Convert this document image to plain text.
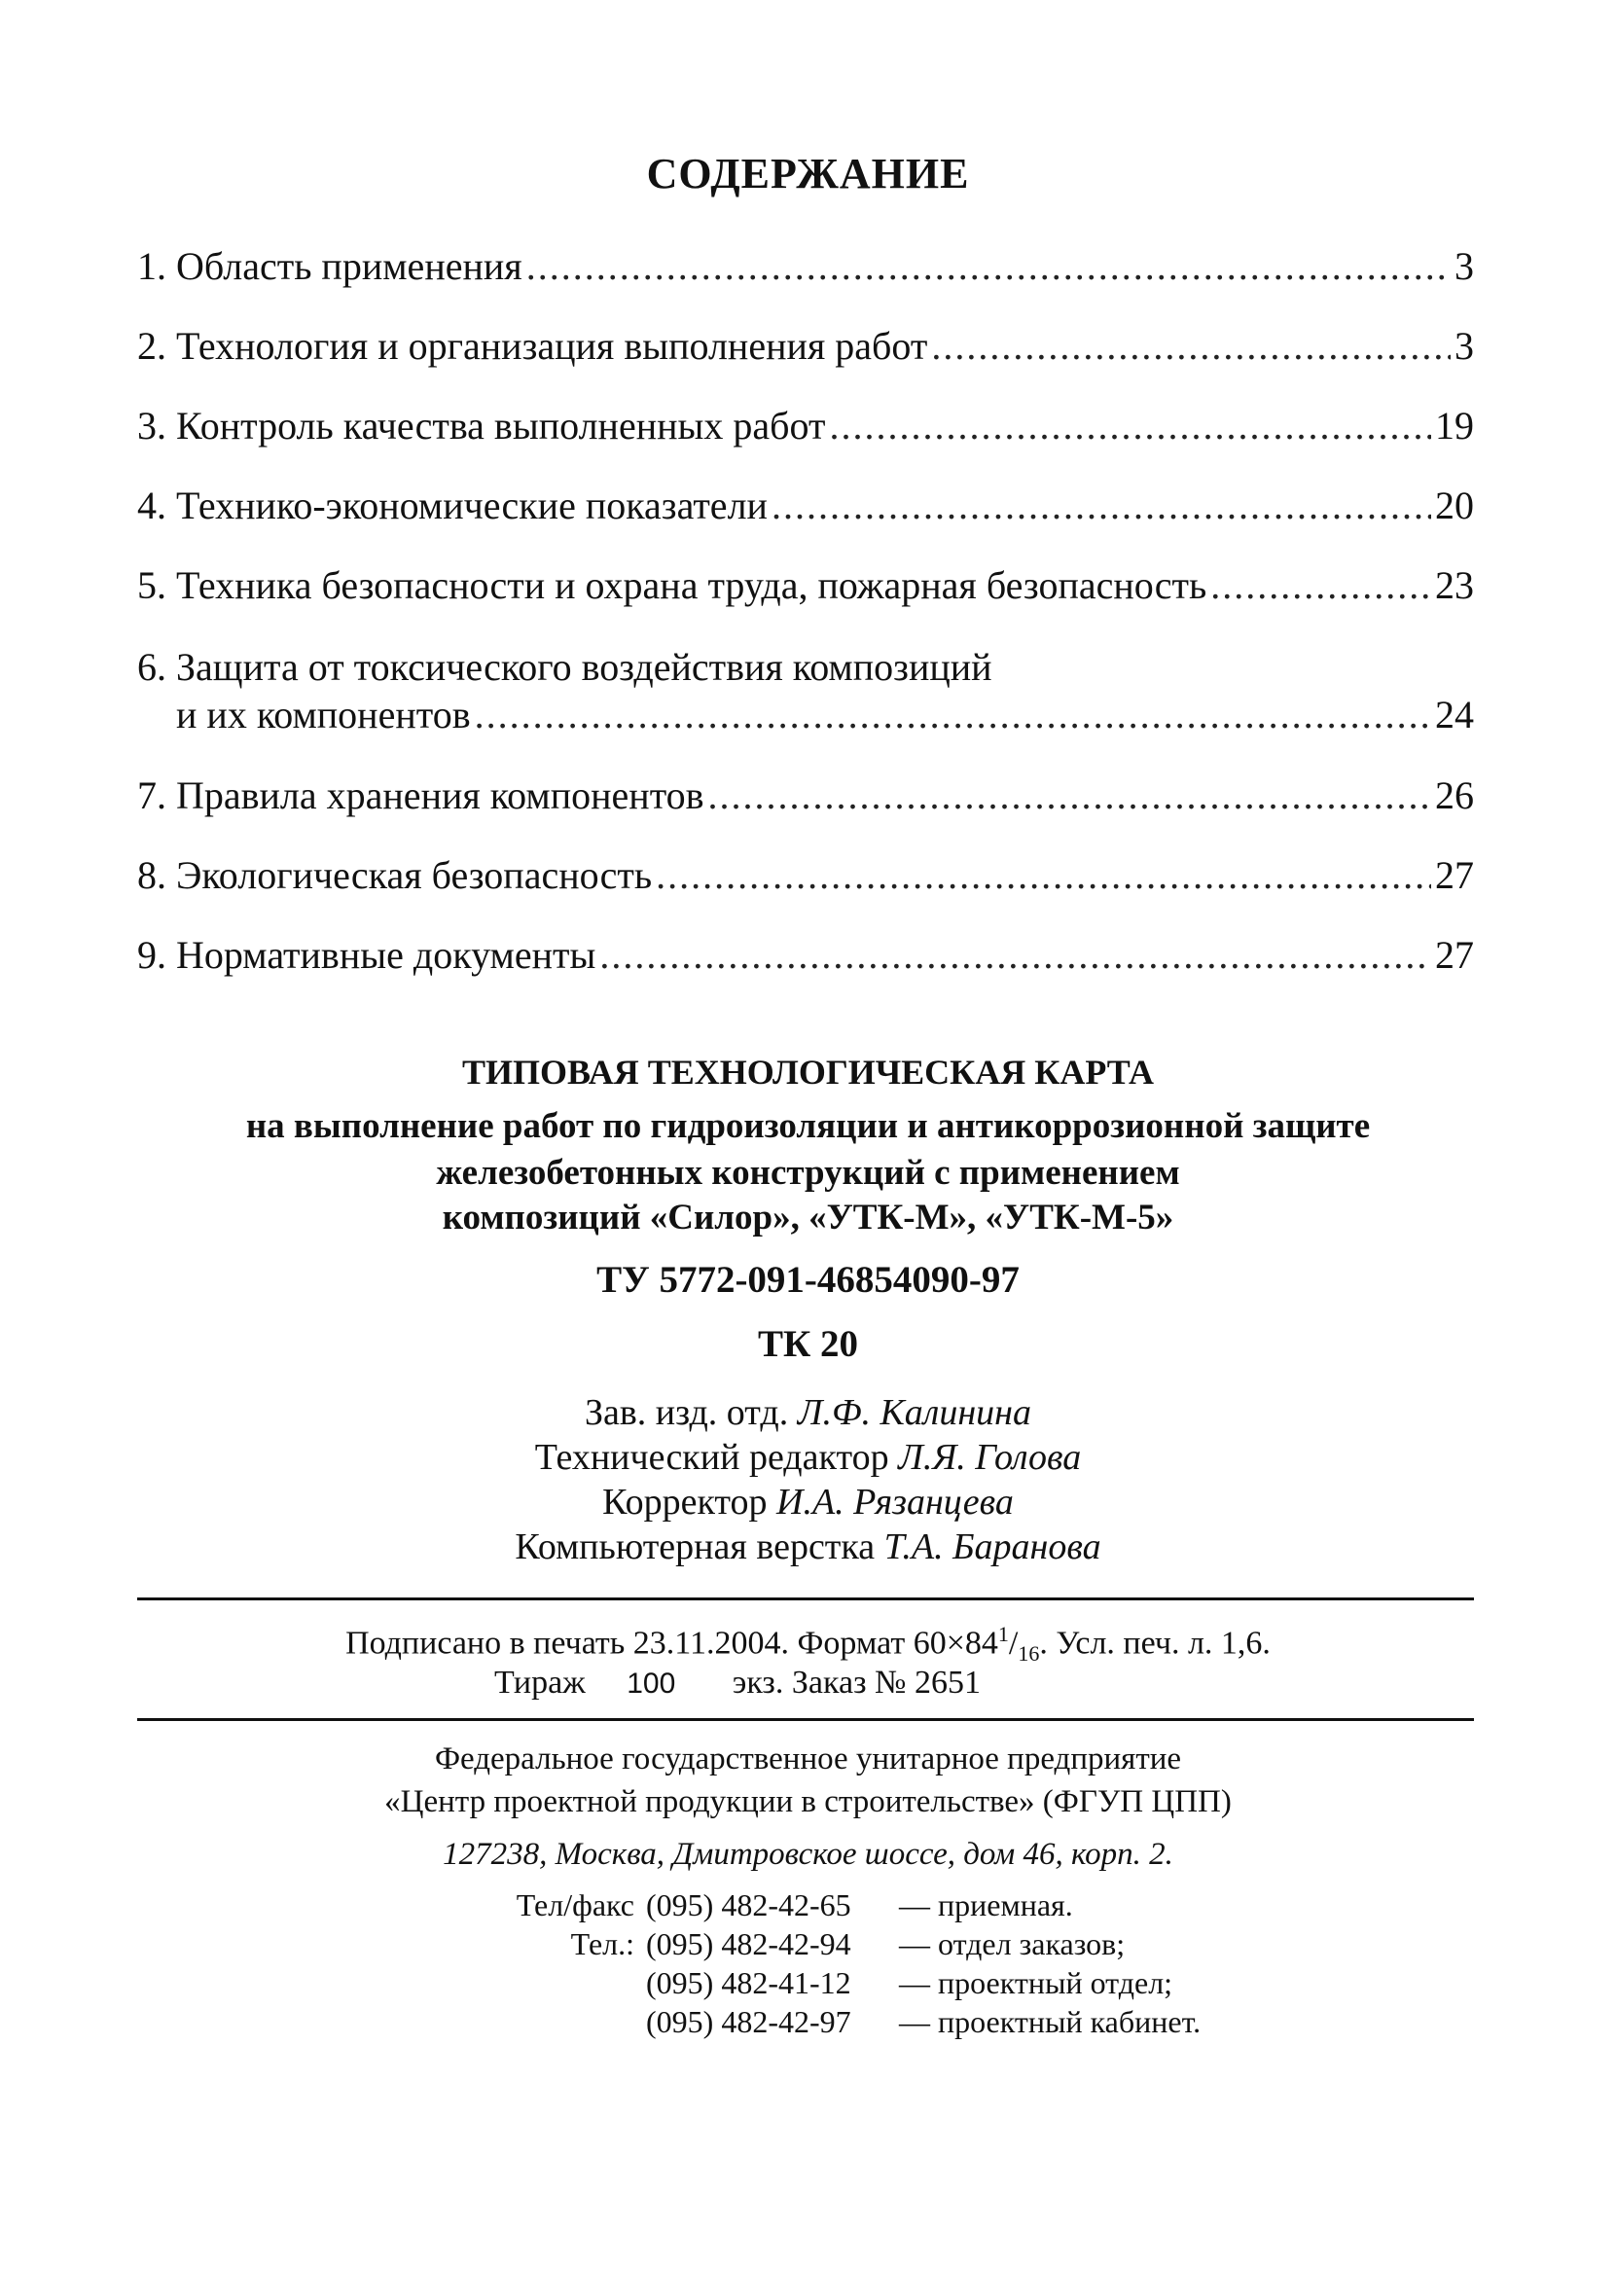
СОДЕРЖАНИЕ
1. Область применения .....	3
2. Технология и организация выполнения работ .....	3
3. Контроль качества выполненных работ .....	19
4. Технико-экономические показатели .....	20
5. Техника безопасности и охрана труда, пожарная безопасность .....	23
6. Защита от токсического воздействия композиций
и их компонентов .....	24
7. Правила хранения компонентов .....	26
8. Экологическая безопасность .....	27
9. Нормативные документы .....	27
ТИПОВАЯ ТЕХНОЛОГИЧЕСКАЯ КАРТА
на выполнение работ по гидроизоляции и антикоррозионной защите
железобетонных конструкций с применением
композиций «Силор», «УТК-М», «УТК-М-5»
ТУ 5772-091-46854090-97
ТК 20
Зав. изд. отд. Л.Ф. Калинина
Технический редактор Л.Я. Голова
Корректор И.А. Рязанцева
Компьютерная верстка Т.А. Баранова
Подписано в печать 23.11.2004. Формат $60\times 84^1/_{16}$. Усл. печ. л. 1,6.
Тираж 100 экз. Заказ № 2651
Федеральное государственное унитарное предприятие
«Центр проектной продукции в строительстве» (ФГУП ЦПП)
127238, Москва, Дмитровское шоссе, дом 46, корп. 2.
Тел/факс (095) 482-42-65 — приемная.
Тел.: (095) 482-42-94 — отдел заказов;
(095) 482-41-12 — проектный отдел;
(095) 482-42-97 — проектный кабинет.
